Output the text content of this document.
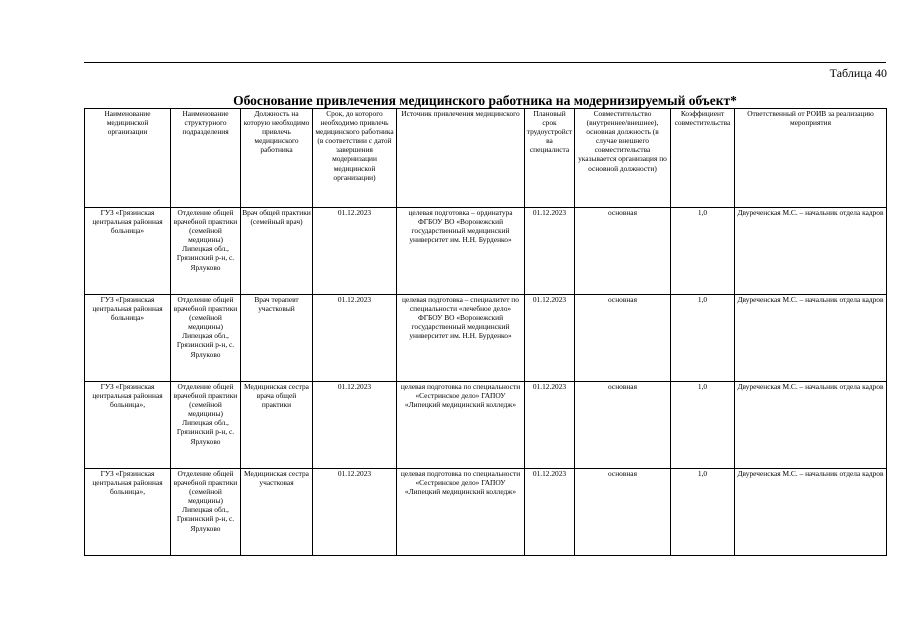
Таблица 40
Обоснование привлечения медицинского работника на модернизируемый объект*
Наименование медицинской организации	Наименование структурного подразделения	Должность на которую необходимо привлечь медицинского работника	Срок, до которого необходимо привлечь медицинского работника (в соответствии с датой завершения модернизации медицинской организации)	Источник привлечения медицинского	Плановый срок трудоустройства специалиста	Совместительство (внутреннее/внешнее), основная должность (в случае внешнего совместительства указывается организация по основной должности)	Коэффициент совместительства	Ответственный от РОИВ за реализацию мероприятия
ГУЗ «Грязинская центральная районная больница»	Отделение общей врачебной практики (семейной медицины) Липецкая обл., Грязинский р-н, с. Ярлуково	Врач общей практики (семейный врач)	01.12.2023	целевая подготовка – ординатура ФГБОУ ВО «Воронежский государственный медицинский университет им. Н.Н. Бурденко»	01.12.2023	основная	1,0	Двуреченская М.С. – начальник отдела кадров
ГУЗ «Грязинская центральная районная больница»	Отделение общей врачебной практики (семейной медицины) Липецкая обл., Грязинский р-н, с. Ярлуково	Врач терапевт участковый	01.12.2023	целевая подготовка – специалитет по специальности «лечебное дело» ФГБОУ ВО «Воронежский государственный медицинский университет им. Н.Н. Бурденко»	01.12.2023	основная	1,0	Двуреченская М.С. – начальник отдела кадров
ГУЗ «Грязинская центральная районная больница»,	Отделение общей врачебной практики (семейной медицины) Липецкая обл., Грязинский р-н, с. Ярлуково	Медицинская сестра врача общей практики	01.12.2023	целевая подготовка по специальности «Сестринское дело» ГАПОУ «Липецкий медицинский колледж»	01.12.2023	основная	1,0	Двуреченская М.С. – начальник отдела кадров
ГУЗ «Грязинская центральная районная больница»,	Отделение общей врачебной практики (семейной медицины) Липецкая обл., Грязинский р-н, с. Ярлуково	Медицинская сестра участковая	01.12.2023	целевая подготовка по специальности «Сестринское дело» ГАПОУ «Липецкий медицинский колледж»	01.12.2023	основная	1,0	Двуреченская М.С. – начальник отдела кадров
